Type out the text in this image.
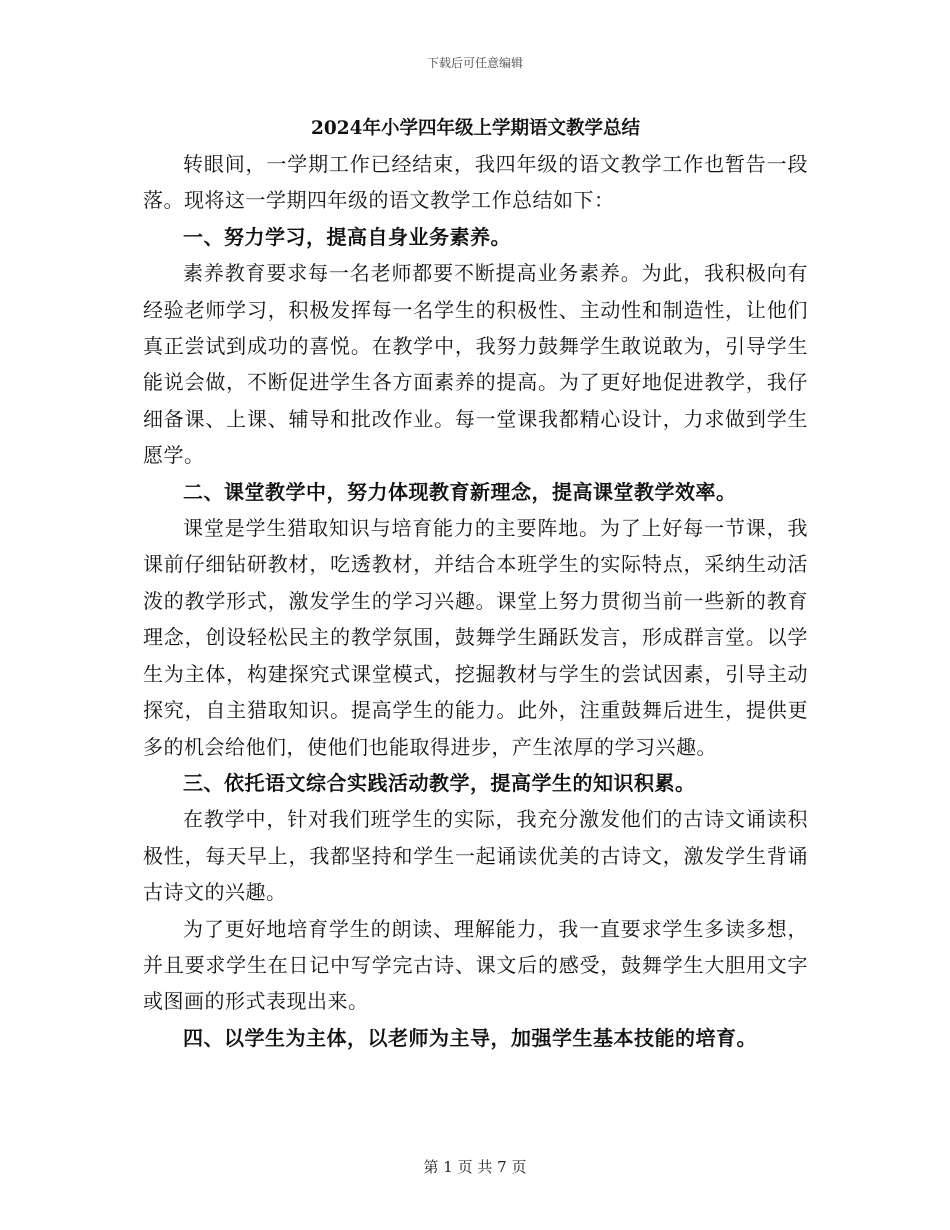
下载后可任意编辑

2024年小学四年级上学期语文教学总结

转眼间，一学期工作已经结束，我四年级的语文教学工作也暂告一段落。现将这一学期四年级的语文教学工作总结如下：

一、努力学习，提高自身业务素养。

素养教育要求每一名老师都要不断提高业务素养。为此，我积极向有经验老师学习，积极发挥每一名学生的积极性、主动性和制造性，让他们真正尝试到成功的喜悦。在教学中，我努力鼓舞学生敢说敢为，引导学生能说会做，不断促进学生各方面素养的提高。为了更好地促进教学，我仔细备课、上课、辅导和批改作业。每一堂课我都精心设计，力求做到学生愿学。

二、课堂教学中，努力体现教育新理念，提高课堂教学效率。

课堂是学生猎取知识与培育能力的主要阵地。为了上好每一节课，我课前仔细钻研教材，吃透教材，并结合本班学生的实际特点，采纳生动活泼的教学形式，激发学生的学习兴趣。课堂上努力贯彻当前一些新的教育理念，创设轻松民主的教学氛围，鼓舞学生踊跃发言，形成群言堂。以学生为主体，构建探究式课堂模式，挖掘教材与学生的尝试因素，引导主动探究，自主猎取知识。提高学生的能力。此外，注重鼓舞后进生，提供更多的机会给他们，使他们也能取得进步，产生浓厚的学习兴趣。

三、依托语文综合实践活动教学，提高学生的知识积累。

在教学中，针对我们班学生的实际，我充分激发他们的古诗文诵读积极性，每天早上，我都坚持和学生一起诵读优美的古诗文，激发学生背诵古诗文的兴趣。

为了更好地培育学生的朗读、理解能力，我一直要求学生多读多想，并且要求学生在日记中写学完古诗、课文后的感受，鼓舞学生大胆用文字或图画的形式表现出来。

四、以学生为主体，以老师为主导，加强学生基本技能的培育。

第 1 页 共 7 页
